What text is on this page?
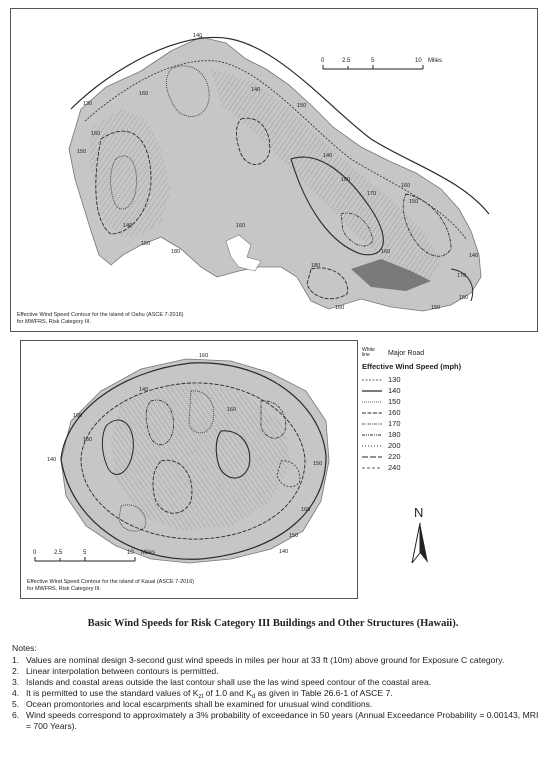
140
130
160
150
160
140
150
140
160
170
160
150
160
180
150
140
180
160
150
170
150
140
160
0	2.5	5	10 Miles
Effective Wind Speed Contour for the island of Oahu (ASCE 7-2016)
for MWFRS, Risk Category III.
160
160
140
150
140
160
150
160
150
140
0	2.5	5	10 Miles
Effective Wind Speed Contour for the island of Kauai (ASCE 7-2016)
for MWFRS, Risk Category III.
White line	Major Road
Effective Wind Speed (mph)
130
140
150
160
170
180
200
220
240
N
Basic Wind Speeds for Risk Category III Buildings and Other Structures (Hawaii).
Notes:
1. Values are nominal design 3-second gust wind speeds in miles per hour at 33 ft (10m) above ground for Exposure C category.
2. Linear interpolation between contours is permitted.
3. Islands and coastal areas outside the last contour shall use the las wind speed contour of the coastal area.
4. It is permitted to use the standard values of $K_{zt}$ of 1.0 and $K_d$ as given in Table 26.6-1 of ASCE 7.
5. Ocean promontories and local escarpments shall be examined for unusual wind conditions.
6. Wind speeds correspond to approximately a 3% probability of exceedance in 50 years (Annual Exceedance Probability = 0.00143, MRI = 700 Years).
